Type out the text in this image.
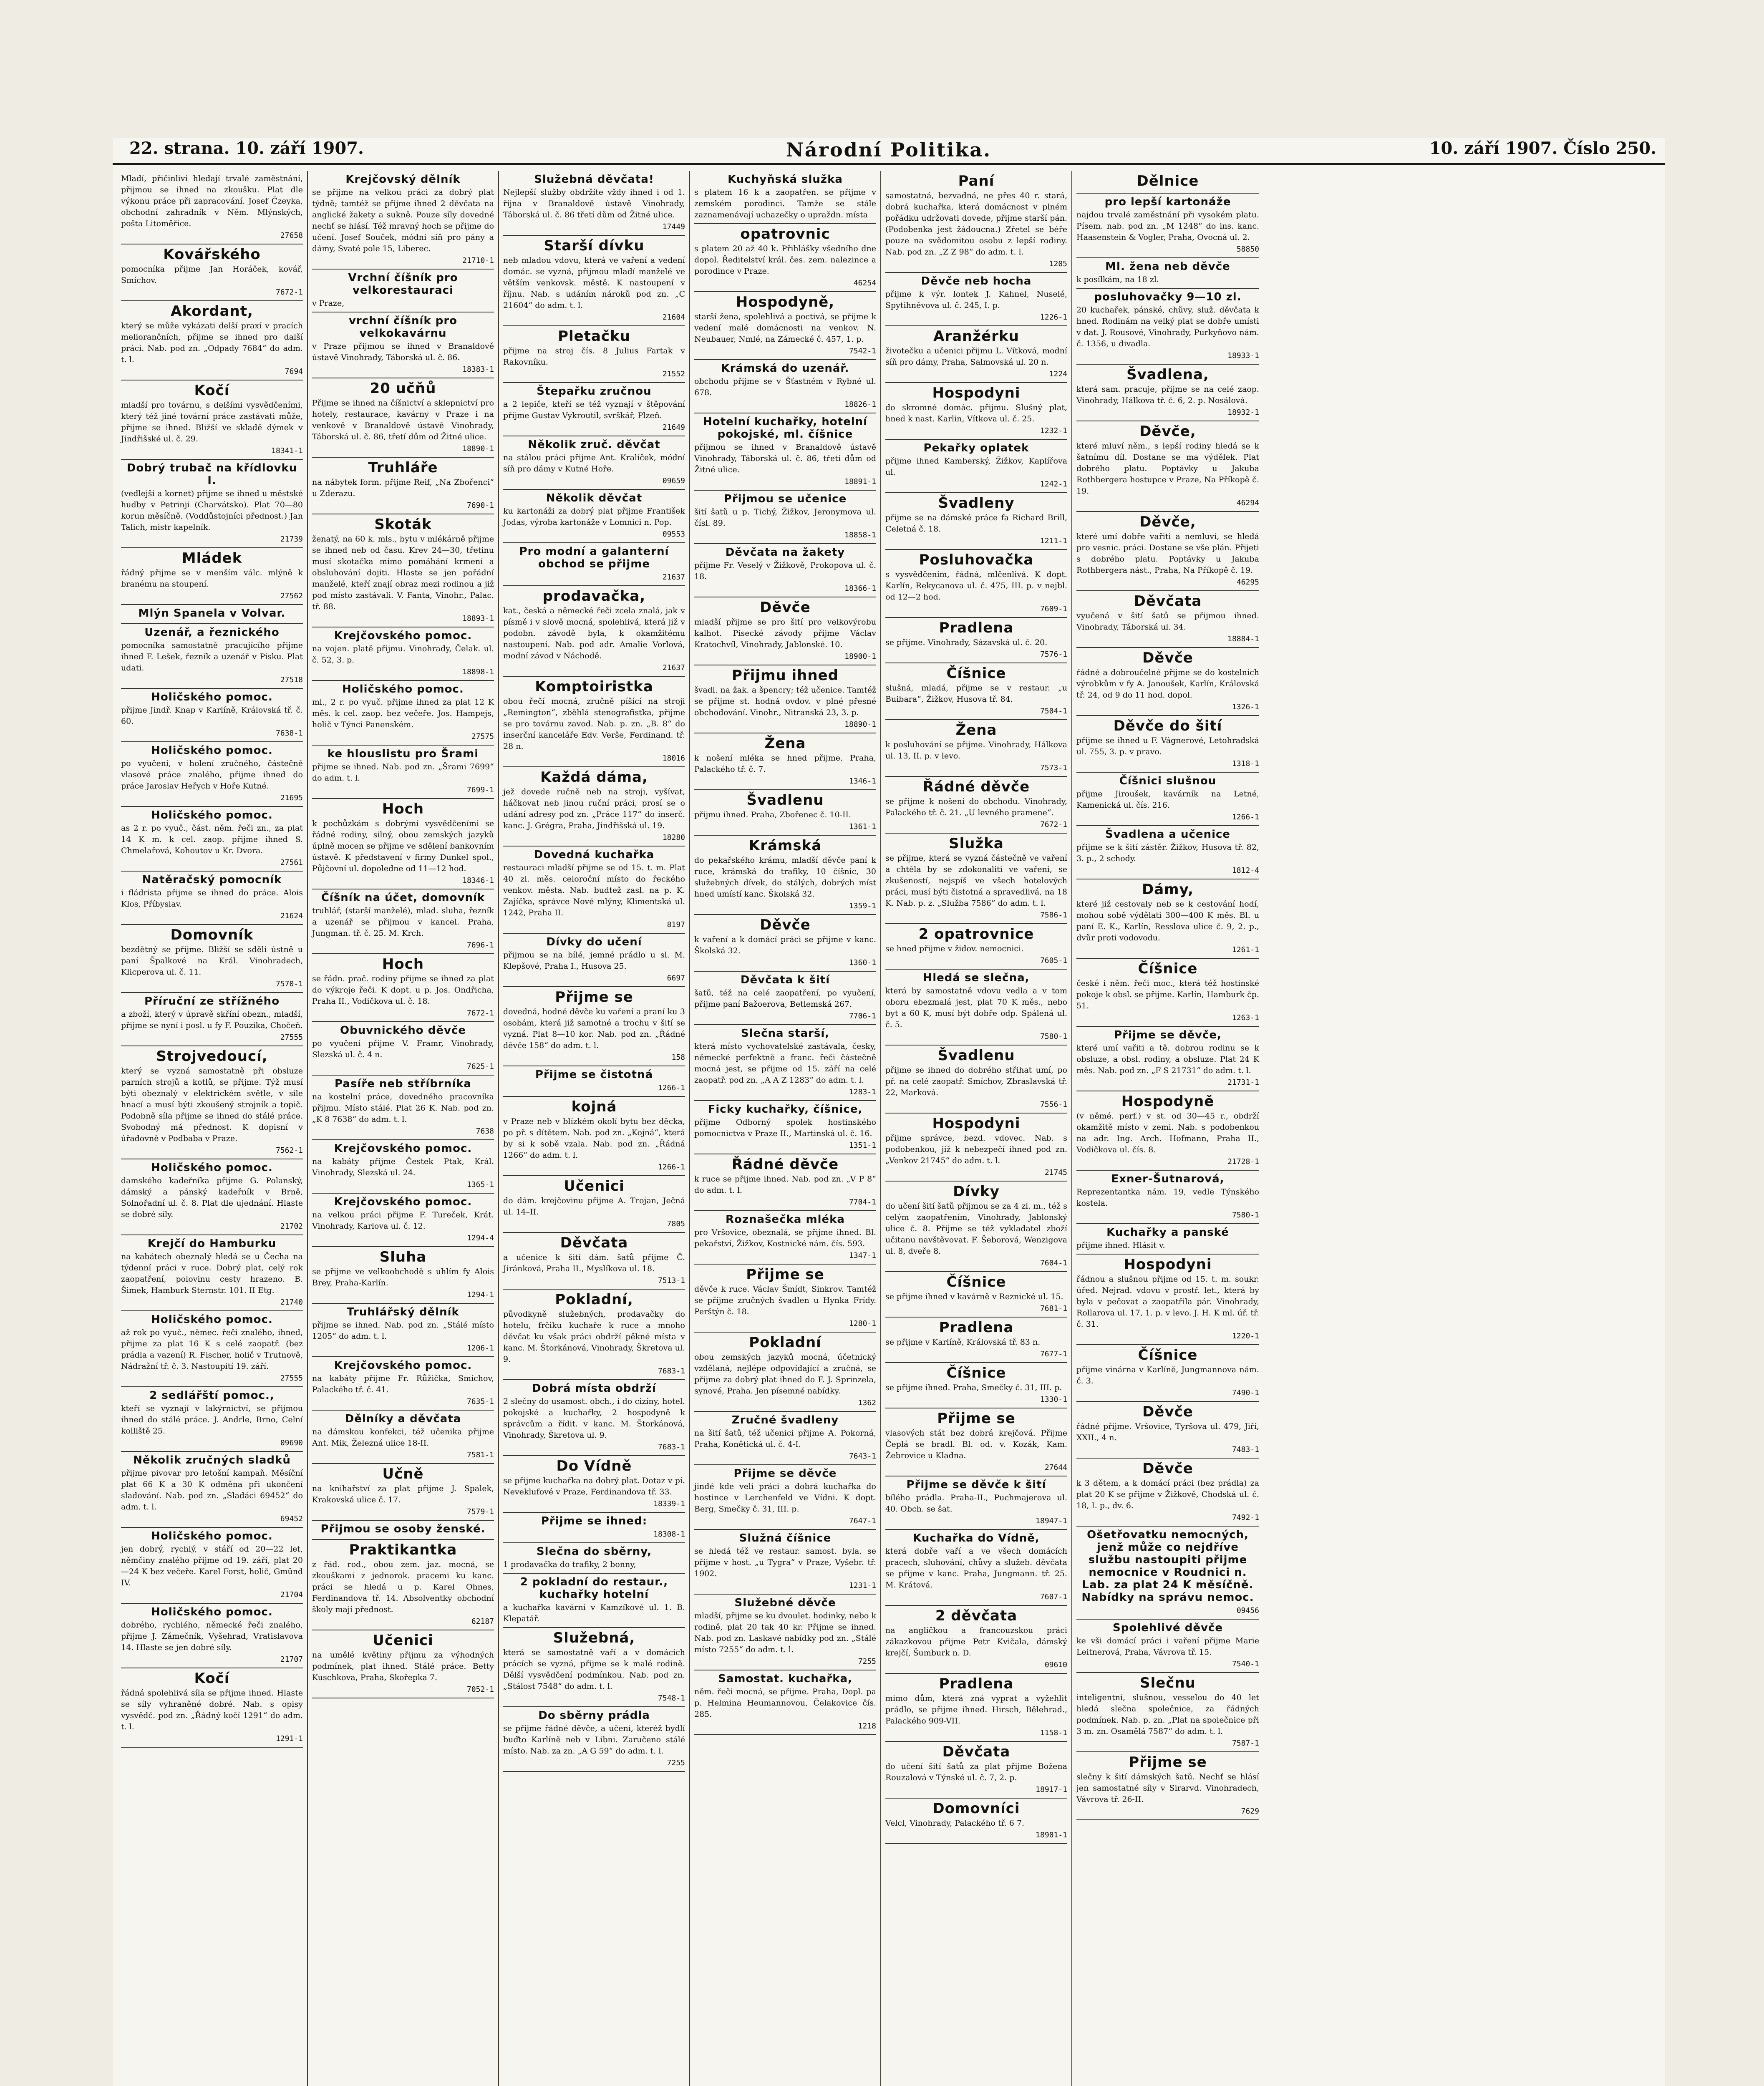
22. strana. 10. září 1907.	Národní Politika.	10. září 1907. Číslo 250.

Mladí, přičinliví hledají trvalé zaměstnání, přijmou se ihned na zkoušku. Plat dle výkonu práce při zapracování. Josef Čzeyka, obchodní zahradník v Něm. Mlýnských, pošta Litoměřice.

27658
Kovářského

pomocníka přijme Jan Horáček, kovář, Smíchov.

7672-1
Akordant,

který se může vykázati delší praxí v pracích meliorančních, přijme se ihned pro další práci. Nab. pod zn. „Odpady 7684“ do adm. t. l.

7694
Kočí

mladší pro továrnu, s delšími vysvědčeními, který též jiné tovární práce zastávati může, přijme se ihned. Bližší ve skladě dýmek v Jindřišské ul. č. 29.

18341-1
Dobrý trubač na křídlovku I.

(vedlejší a kornet) přijme se ihned u městské hudby v Petrinji (Charvátsko). Plat 70—80 korun měsíčně. (Voddůstojníci přednost.) Jan Talich, mistr kapelník.

21739
Mládek

řádný přijme se v menším válc. mlýně k branému na stoupení.

27562
Mlýn Spanela v Volvar.
Uzenář, a řeznického

pomocníka samostatně pracujícího přijme ihned F. Lešek, řezník a uzenář v Písku. Plat udati.

27518
Holičského pomoc.

přijme Jindř. Knap v Karlíně, Královská tř. č. 60.

7638-1
Holičského pomoc.

po vyučení, v holení zručného, částečně vlasové práce znalého, přijme ihned do práce Jaroslav Heřych v Hoře Kutné.

21695
Holičského pomoc.

as 2 r. po vyuč., část. něm. řeči zn., za plat 14 K m. k cel. zaop. přijme ihned S. Chmelařová, Kohoutov u Kr. Dvora.

27561
Natěračský pomocník

i fládrista přijme se ihned do práce. Alois Klos, Příbyslav.

21624
Domovník

bezdětný se přijme. Bližší se sdělí ústně u paní Špalkové na Král. Vinohradech, Klicperova ul. č. 11.

7570-1
Příruční ze střížného

a zboží, který v úpravě skříní obezn., mladší, přijme se nyní i posl. u fy F. Pouzika, Chočeň.

27555
Strojvedoucí,

který se vyzná samostatně při obsluze parních strojů a kotlů, se přijme. Týž musí býti obeznalý v elektrickém světle, v síle hnací a musí býti zkoušený strojník a topič. Podobně síla přijme se ihned do stálé práce. Svobodný má přednost. K dopisní v úřadovně v Podbaba v Praze.

7562-1
Holičského pomoc.

damského kadeřníka přijme G. Polanský, dámský a pánský kadeřník v Brně, Solnořadní ul. č. 8. Plat dle ujednání. Hlaste se dobré síly.

21702
Krejčí do Hamburku

na kabátech obeznalý hledá se u Čecha na týdenní práci v ruce. Dobrý plat, celý rok zaopatření, polovinu cesty hrazeno. B. Šimek, Hamburk Sternstr. 101. II Etg.

21740
Holičského pomoc.

až rok po vyuč., němec. řeči znalého, ihned, přijme za plat 16 K s celé zaopatř. (bez prádla a vazení) R. Fischer, holič v Trutnově, Nádražní tř. č. 3. Nastoupití 19. září.

27555
2 sedlářští pomoc.,

kteří se vyznají v lakýrnictví, se přijmou ihned do stálé práce. J. Andrle, Brno, Celní kolliště 25.

09690
Několik zručných sladků

přijme pivovar pro letošní kampaň. Měsíční plat 66 K a 30 K odměna při ukončení sladování. Nab. pod zn. „Sladáci 69452“ do adm. t. l.

69452
Holičského pomoc.

jen dobrý, rychlý, v stáří od 20—22 let, němčiny znalého přijme od 19. září, plat 20—24 K bez večeře. Karel Forst, holič, Gmünd IV.

21704
Holičského pomoc.

dobrého, rychlého, německé řeči znalého, přijme J. Zámečník, Vyšehrad, Vratislavova 14. Hlaste se jen dobré síly.

21707
Kočí

řádná spolehlivá síla se přijme ihned. Hlaste se síly vyhraněné dobré. Nab. s opisy vysvědč. pod zn. „Řádný kočí 1291“ do adm. t. l.

1291-1
Krejčovský dělník

se přijme na velkou práci za dobrý plat týdně; tamtéž se přijme ihned 2 děvčata na anglické žakety a sukně. Pouze síly dovedné nechť se hlásí. Též mravný hoch se přijme do učení. Josef Souček, módní síň pro pány a dámy, Svaté pole 15, Liberec.

21710-1
Vrchní číšník pro velkorestauraci

v Praze,

vrchní číšník pro velkokavárnu

v Praze přijmou se ihned v Branaldově ústavě Vinohrady, Táborská ul. č. 86.

18383-1
20 učňů

Přijme se ihned na číšnictví a sklepnictví pro hotely, restaurace, kavárny v Praze i na venkově v Branaldově ústavě Vinohrady, Táborská ul. č. 86, třetí dům od Žitné ulice.

18890-1
Truhláře

na nábytek form. přijme Reif, „Na Zbořenci“ u Zderazu.

7690-1
Skoták

ženatý, na 60 k. mls., bytu v mlékárně přijme se ihned neb od času. Krev 24—30, třetinu musí skotačka mimo pomáhání krmení a obsluhování dojiti. Hlaste se jen pořádní manželé, kteří znají obraz mezi rodinou a již pod místo zastávali. V. Fanta, Vinohr., Palac. tř. 88.

18893-1
Krejčovského pomoc.

na vojen. platě přijmu. Vinohrady, Čelak. ul. č. 52, 3. p.

18898-1
Holičského pomoc.

ml., 2 r. po vyuč. přijme ihned za plat 12 K měs. k cel. zaop. bez večeře. Jos. Hampejs, holič v Týnci Panenském.

27575
ke hlouslistu pro Šrami

přijme se ihned. Nab. pod zn. „Šrami 7699“ do adm. t. l.

7699-1
Hoch

k pochůzkám s dobrými vysvědčeními se řádné rodiny, silný, obou zemských jazyků úplně mocen se přijme ve sdělení bankovním ústavě. K představení v firmy Dunkel spol., Půjčovní ul. dopoledne od 11—12 hod.

18346-1
Číšník na účet, domovník

truhlář, (starší manželé), mlad. sluha, řezník a uzenář se přijmou v kancel. Praha, Jungman. tř. č. 25. M. Krch.

7696-1
Hoch

se řádn. prač. rodiny přijme se ihned za plat do výkroje řeči. K dopt. u p. Jos. Ondřicha, Praha II., Vodičkova ul. č. 18.

7672-1
Obuvnického děvče

po vyučení přijme V. Framr, Vinohrady, Slezská ul. č. 4 n.

7625-1
Pasíře neb stříbrníka

na kostelní práce, dovedného pracovníka přijmu. Místo stálé. Plat 26 K. Nab. pod zn. „K 8 7638“ do adm. t. l.

7638
Krejčovského pomoc.

na kabáty přijme Čestek Ptak, Král. Vinohrady, Slezská ul. 24.

1365-1
Krejčovského pomoc.

na velkou práci přijme F. Tureček, Krát. Vinohrady, Karlova ul. č. 12.

1294-4
Sluha

se přijme ve velkoobchodě s uhlím fy Alois Brey, Praha-Karlín.

1294-1
Truhlářský dělník

přijme se ihned. Nab. pod zn. „Stálé místo 1205“ do adm. t. l.

1206-1
Krejčovského pomoc.

na kabáty přijme Fr. Růžička, Smíchov, Palackého tř. č. 41.

7635-1
Dělníky a děvčata

na dámskou konfekci, též učenika přijme Ant. Mik, Železná ulice 18-II.

7581-1
Učně

na knihařství za plat přijme J. Spalek, Krakovská ulice č. 17.

7579-1
Přijmou se osoby ženské.
Praktikantka

z řád. rod., obou zem. jaz. mocná, se zkouškami z jednorok. pracemi ku kanc. práci se hledá u p. Karel Ohnes, Ferdinandova tř. 14. Absolventky obchodní školy mají přednost.

62187
Učenici

na umělé květiny přijmu za výhodných podmínek, plat ihned. Stálé práce. Betty Kuschkova, Praha, Skořepka 7.

7052-1
Služebná děvčata!

Nejlepší služby obdržíte vždy ihned i od 1. října v Branaldově ústavě Vinohrady, Táborská ul. č. 86 třetí dům od Žitné ulice.

17449
Starší dívku

neb mladou vdovu, která ve vaření a vedení domác. se vyzná, přijmou mladí manželé ve větším venkovsk. městě. K nastoupení v říjnu. Nab. s udáním nároků pod zn. „C 21604“ do adm. t. l.

21604
Pletačku

přijme na stroj čís. 8 Julius Fartak v Rakovníku.

21552
Štepařku zručnou

a 2 lepiče, kteří se též vyznají v štěpování přijme Gustav Vykroutil, svrškář, Plzeň.

21649
Několik zruč. děvčat

na stálou práci přijme Ant. Kralíček, módní síň pro dámy v Kutné Hoře.

09659
Několik děvčat

ku kartonáži za dobrý plat přijme František Jodas, výroba kartonáže v Lomnici n. Pop.

09553
Pro modní a galanterní obchod se přijme
21637
prodavačka,

kat., česká a německé řeči zcela znalá, jak v písmě i v slově mocná, spolehlivá, která již v podobn. závodě byla, k okamžitému nastoupení. Nab. pod adr. Amalie Vorlová, modní závod v Náchodě.

21637
Komptoiristka

obou řečí mocná, zručně píšící na stroji „Remington“, zběhlá stenografistka, přijme se pro továrnu zavod. Nab. p. zn. „B. 8“ do inserční kanceláře Edv. Verše, Ferdinand. tř. 28 n.

18016
Každá dáma,

jež dovede ručně neb na stroji, vyšívat, háčkovat neb jinou ruční práci, prosí se o udání adresy pod zn. „Práce 117“ do inserč. kanc. J. Grégra, Praha, Jindřišská ul. 19.

18280
Dovedná kuchařka

restauraci mladší přijme se od 15. t. m. Plat 40 zl. měs. celoroční místo do řeckého venkov. města. Nab. budtež zasl. na p. K. Zajíčka, správce Nové mlýny, Klimentská ul. 1242, Praha II.

8197
Dívky do učení

přijmou se na bílé, jemné prádlo u sl. M. Klepšové, Praha I., Husova 25.

6697
Přijme se

dovedná, hodné děvče ku vaření a praní ku 3 osobám, která již samotné a trochu v šití se vyzná. Plat 8—10 kor. Nab. pod zn. „Řádné děvče 158“ do adm. t. l.

158
Přijme se čistotná
1266-1
kojná

v Praze neb v blízkém okolí bytu bez děcka, po př. s dítětem. Nab. pod zn. „Kojná“, která by si k sobě vzala. Nab. pod zn. „Řádná 1266“ do adm. t. l.

1266-1
Učenici

do dám. krejčovinu přijme A. Trojan, Ječná ul. 14–II.

7805
Děvčata

a učenice k šití dám. šatů přijme Č. Jiránková, Praha II., Myslíkova ul. 18.

7513-1
Pokladní,

původkyně služebných, prodavačky do hotelu, frčiku kuchaře k ruce a mnoho děvčat ku však práci obdrží pěkné místa v kanc. M. Štorkánová, Vinohrady, Škretova ul. 9.

7683-1
Dobrá místa obdrží

2 slečny do usamost. obch., i do cizíny, hotel. pokojské a kuchařky, 2 hospodyně k správcům a řídit. v kanc. M. Štorkánová, Vinohrady, Škretova ul. 9.

7683-1
Do Vídně

se přijme kuchařka na dobrý plat. Dotaz v pí. Neveklufové v Praze, Ferdinandova tř. 33.

18339-1
Přijme se ihned:
18308-1
Slečna do sběrny,

1 prodavačka do trafiky, 2 bonny,

2 pokladní do restaur., kuchařky hotelní

a kuchařka kavární v Kamzíkové ul. 1. B. Klepatář.

Služebná,

která se samostatně vaří a v domácích prácích se vyzná, přijme se k malé rodině. Dělší vysvědčení podmínkou. Nab. pod zn. „Stálost 7548“ do adm. t. l.

7548-1
Do sběrny prádla

se přijme řádné děvče, a učení, kteréž bydlí buďto Karlíně neb v Libni. Zaručeno stálé místo. Nab. za zn. „A G 59“ do adm. t. l.

7255
Kuchyňská služka

s platem 16 k a zaopatřen. se přijme v zemském porodinci. Tamže se stále zaznamenávají uchazečky o upraždn. místa

opatrovnic

s platem 20 až 40 k. Přihlášky všedního dne dopol. Ředitelství král. čes. zem. nalezince a porodince v Praze.

46254
Hospodyně,

starší žena, spolehlivá a poctivá, se přijme k vedení malé domácnosti na venkov. N. Neubauer, Nmlé, na Zámecké č. 457, 1. p.

7542-1
Krámská do uzenář.

obchodu přijme se v Šťastném v Rybné ul. 678.

18826-1
Hotelní kuchařky, hotelní pokojské, ml. číšnice

přijmou se ihned v Branaldově ústavě Vinohrady, Táborská ul. č. 86, třetí dům od Žitné ulice.

18891-1
Přijmou se učenice

šití šatů u p. Tichý, Žižkov, Jeronymova ul. čísl. 89.

18858-1
Děvčata na žakety

přijme Fr. Veselý v Žižkově, Prokopova ul. č. 18.

18366-1
Děvče

mladší přijme se pro šití pro velkovýrobu kalhot. Pisecké závody přijme Václav Kratochvíl, Vinohrady, Jablonské. 10.

18900-1
Přijmu ihned

švadl. na žak. a špencry; též učenice. Tamtéž se přijme st. hodná ovdov. v plné přesné obchodování. Vinohr., Nitranská 23, 3. p.

18890-1
Žena

k nošení mléka se hned přijme. Praha, Palackého tř. č. 7.

1346-1
Švadlenu

přijmu ihned. Praha, Zbořenec č. 10-II.

1361-1
Krámská

do pekařského krámu, mladší děvče paní k ruce, krámská do trafiky, 10 číšnic, 30 služebných dívek, do stálých, dobrých míst hned umístí kanc. Školská 32.

1359-1
Děvče

k vaření a k domácí práci se přijme v kanc. Školská 32.

1360-1
Děvčata k šití

šatů, též na celé zaopatření, po vyučení, přijme paní Bažoerova, Betlemská 267.

7706-1
Slečna starší,

která místo vychovatelské zastávala, česky, německé perfektně a franc. řeči částečně mocná jest, se přijme od 15. září na celé zaopatř. pod zn. „A A Z 1283“ do adm. t. l.

1283-1
Ficky kuchařky, číšnice,

přijme Odborný spolek hostinského pomocnictva v Praze II., Martinská ul. č. 16.

1351-1
Řádné děvče

k ruce se přijme ihned. Nab. pod zn. „V P 8“ do adm. t. l.

7704-1
Roznašečka mléka

pro Vršovice, obeznalá, se přijme ihned. Bl. pekařství, Žižkov, Kostnické nám. čís. 593.

1347-1
Přijme se

děvče k ruce. Václav Šmídt, Sinkrov. Tamtéž se přijme zručných švadlen u Hynka Frídy. Perštýn č. 18.

1280-1
Pokladní

obou zemských jazyků mocná, účetnický vzdělaná, nejlépe odpovídající a zručná, se přijme za dobrý plat ihned do F. J. Sprinzela, synové, Praha. Jen písemné nabídky.

1362
Zručné švadleny

na šití šatů, též učenici přijme A. Pokorná, Praha, Konětická ul. č. 4-I.

7643-1
Přijme se děvče

jindé kde veli práci a dobrá kuchařka do hostince v Lerchenfeld ve Vídni. K dopt. Berg, Smečky č. 31, III. p.

7647-1
Služná číšnice

se hledá též ve restaur. samost. byla. se přijme v host. „u Tygra“ v Praze, Vyšebr. tř. 1902.

1231-1
Služebné děvče

mladší, přijme se ku dvoulet. hodinky, nebo k rodině, plat 20 tak 40 kr. Přijme se ihned. Nab. pod zn. Laskavé nabídky pod zn. „Stálé místo 7255“ do adm. t. l.

7255
Samostat. kuchařka,

něm. řeči mocná, se přijme. Praha, Dopl. pa p. Helmina Heumannovou, Čelakovice čís. 285.

1218
Paní

samostatná, bezvadná, ne přes 40 r. stará, dobrá kuchařka, která domácnost v plném pořádku udržovati dovede, přijme starší pán. (Podobenka jest žádoucna.) Zřetel se béře pouze na svědomitou osobu z lepší rodiny. Nab. pod zn. „Z Z 98“ do adm. t. l.

1205
Děvče neb hocha

přijme k výr. lontek J. Kahnel, Nuselé, Spytihněvova ul. č. 245, I. p.

1226-1
Aranžérku

životečku a učenici přijmu L. Vítková, modní síň pro dámy, Praha, Salmovská ul. 20 n.

1224
Hospodyni

do skromné domác. přijmu. Slušný plat, hned k nast. Karlin, Vítkova ul. č. 25.

1232-1
Pekařky oplatek

přijme ihned Kamberský, Žižkov, Kaplířova ul.

1242-1
Švadleny

přijme se na dámské práce fa Richard Brill, Celetná č. 18.

1211-1
Posluhovačka

s vysvědčením, řádná, mlčenlivá. K dopt. Karlín, Rekycanova ul. č. 475, III. p. v nejbl. od 12—2 hod.

7609-1
Pradlena

se přijme. Vinohrady, Sázavská ul. č. 20.

7576-1
Číšnice

slušná, mladá, přijme se v restaur. „u Buibara“, Žižkov, Husova tř. 84.

7504-1
Žena

k posluhování se přijme. Vinohrady, Hálkova ul. 13, II. p. v levo.

7573-1
Řádné děvče

se přijme k nošení do obchodu. Vinohrady, Palackého tř. č. 21. „U levného pramene“.

7672-1
Služka

se přijme, která se vyzná částečně ve vaření a chtěla by se zdokonaliti ve vaření, se zkušeností, nejspíš ve všech hotelových práci, musí býti čistotná a spravedlivá, na 18 K. Nab. p. z. „Služba 7586“ do adm. t. l.

7586-1
2 opatrovnice

se hned přijme v židov. nemocnici.

7605-1
Hledá se slečna,

která by samostatně vdovu vedla a v tom oboru ebezmalá jest, plat 70 K měs., nebo byt a 60 K, musí být dobře odp. Spálená ul. č. 5.

7580-1
Švadlenu

přijme se ihned do dobrého střihat umí, po př. na celé zaopatř. Smíchov, Zbraslavská tř. 22, Marková.

7556-1
Hospodyni

přijme správce, bezd. vdovec. Nab. s podobenkou, jíž k nebezpečí ihned pod zn. „Venkov 21745“ do adm. t. l.

21745
Dívky

do učení šití šatů přijmou se za 4 zl. m., též s celým zaopatřením, Vinohrady, Jablonský ulice č. 8. Přijme se též vykladatel zboží učitanu navštěvovat. F. Šeborová, Wenzigova ul. 8, dveře 8.

7604-1
Číšnice

se přijme ihned v kavárně v Reznické ul. 15.

7681-1
Pradlena

se přijme v Karlíně, Královská tř. 83 n.

7677-1
Číšnice

se přijme ihned. Praha, Smečky č. 31, III. p.

1330-1
Přijme se

vlasových stát bez dobrá krejčová. Přijme Čeplá se bradl. Bl. od. v. Kozák, Kam. Žebrovice u Kladna.

27644
Přijme se děvče k šití

bílého prádla. Praha-II., Puchmajerova ul. 40. Obch. se šat.

18947-1
Kuchařka do Vídně,

která dobře vaří a ve všech domácích pracech, sluhování, chůvy a služeb. děvčata se přijme v kanc. Praha, Jungmann. tř. 25. M. Krátová.

7607-1
2 děvčata

na angličkou a francouzskou práci zákazkovou přijme Petr Kvičala, dámský krejčí, Šumburk n. D.

09610
Pradlena

mimo dům, která zná vyprat a vyžehlit prádlo, se přijme ihned. Hirsch, Bělehrad., Palackého 909-VII.

1158-1
Děvčata

do učení šití šatů za plat přijme Božena Rouzalová v Týnské ul. č. 7, 2. p.

18917-1
Domovníci

Velcl, Vinohrady, Palackého tř. 6 7.

18901-1
Dělnice
pro lepší kartonáže

najdou trvalé zaměstnání při vysokém platu. Písem. nab. pod zn. „M 1248“ do ins. kanc. Haasenstein & Vogler, Praha, Ovocná ul. 2.

58850
Ml. žena neb děvče

k posílkám, na 18 zl.

posluhovačky 9—10 zl.

20 kuchařek, pánské, chůvy, služ. děvčata k hned. Rodinám na velký plat se dobře umísti v dat. J. Rousové, Vinohrady, Purkyňovo nám. č. 1356, u divadla.

18933-1
Švadlena,

která sam. pracuje, přijme se na celé zaop. Vinohrady, Hálkova tř. č. 6, 2. p. Nosálová.

18932-1
Děvče,

které mluví něm., s lepší rodiny hledá se k šatnímu díl. Dostane se ma výdělek. Plat dobrého platu. Poptávky u Jakuba Rothbergera hostupce v Praze, Na Příkopě č. 19.

46294
Děvče,

které umí dobře vařiti a nemluví, se hledá pro vesnic. práci. Dostane se vše plán. Přijeti s dobrého platu. Poptávky u Jakuba Rothbergera nást., Praha, Na Příkopě č. 19.

46295
Děvčata

vyučená v šití šatů se přijmou ihned. Vinohrady, Táborská ul. 34.

18884-1
Děvče

řádné a dobroučelné přijme se do kostelních výrobkům v fy A. Janoušek, Karlín, Královská tř. 24, od 9 do 11 hod. dopol.

1326-1
Děvče do šití

přijme se ihned u F. Vágnerové, Letohradská ul. 755, 3. p. v pravo.

1318-1
Číšnici slušnou

přijme Jiroušek, kavárník na Letné, Kamenická ul. čís. 216.

1266-1
Švadlena a učenice

přijme se k šití zástěr. Žižkov, Husova tř. 82, 3. p., 2 schody.

1812-4
Dámy,

které již cestovaly neb se k cestování hodí, mohou sobě výdělati 300—400 K měs. Bl. u paní E. K., Karlín, Resslova ulice č. 9, 2. p., dvůr proti vodovodu.

1261-1
Číšnice

české i něm. řeči moc., která též hostinské pokoje k obsl. se přijme. Karlín, Hamburk čp. 51.

1263-1
Přijme se děvče,

které umí vařiti a tě. dobrou rodinu se k obsluze, a obsl. rodiny, a obsluze. Plat 24 K měs. Nab. pod zn. „F S 21731“ do adm. t. l.

21731-1
Hospodyně

(v němé. perf.) v st. od 30—45 r., obdrží okamžitě místo v zemi. Nab. s podobenkou na adr. Ing. Arch. Hofmann, Praha II., Vodičkova ul. čís. 8.

21728-1
Exner-Šutnarová,

Reprezentantka nám. 19, vedle Týnského kostela.

7580-1
Kuchařky a panské

přijme ihned. Hlásit v.

Hospodyni

řádnou a slušnou přijme od 15. t. m. soukr. úřed. Nejrad. vdovu v prostř. let., která by byla v pečovat a zaopatřila pár. Vinohrady, Rollarova ul. 17, 1. p. v levo. J. H. K ml. úř. tř. č. 31.

1220-1
Číšnice

přijme vinárna v Karlíně, Jungmannova nám. č. 3.

7490-1
Děvče

řádné přijme. Vršovice, Tyršova ul. 479, Jiří, XXII., 4 n.

7483-1
Děvče

k 3 dětem, a k domácí práci (bez prádla) za plat 20 K se přijme v Žižkově, Chodská ul. č. 18, I. p., dv. 6.

7492-1
Ošetřovatku nemocných, jenž může co nejdříve službu nastoupiti přijme nemocnice v Roudnici n. Lab. za plat 24 K měsíčně. Nabídky na správu nemoc.
09456
Spolehlivé děvče

ke vši domácí práci i vaření přijme Marie Leitnerová, Praha, Vávrova tř. 15.

7540-1
Slečnu

inteligentní, slušnou, vesselou do 40 let hledá slečna společnice, za řádných podmínek. Nab. p. zn. „Plat na společnice při 3 m. zn. Osamělá 7587“ do adm. t. l.

7587-1
Přijme se

slečny k šití dámských šatů. Nechť se hlásí jen samostatné síly v Sirarvd. Vinohradech, Vávrova tř. 26-II.

7629
